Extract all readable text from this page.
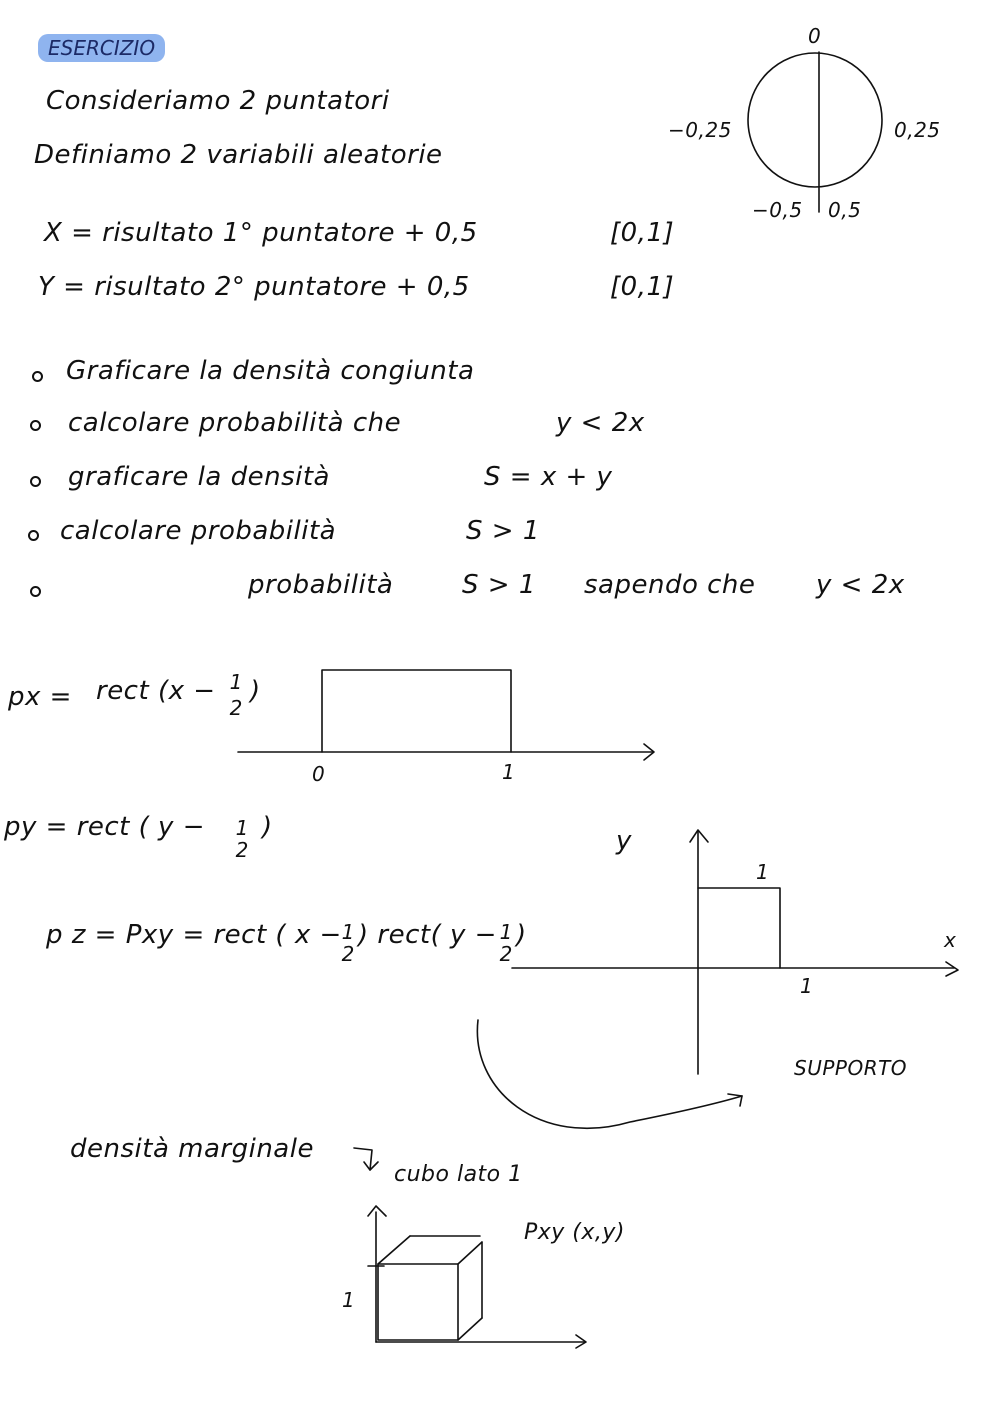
ESERCIZIO
Consideriamo 2 puntatori
Definiamo 2 variabili aleatorie
0
−0,25	0,25
−0,5 0,5
X = risultato 1° puntatore + 0,5	[0,1]
Y = risultato 2° puntatore + 0,5	[0,1]
Graficare la densità congiunta
calcolare probabilità che	y < 2x
graficare la densità	S = x + y
calcolare probabilità	S > 1
probabilità	S > 1 sapendo che y < 2x
px = rect (x − 1
2
)
0	1
py = rect ( y − 1
2
)
p z = Pxy = rect ( x − 1
2
) rect( y − 1
2
)
y
1
x
1
SUPPORTO
densità marginale
cubo lato 1
Pxy (x,y)
1
